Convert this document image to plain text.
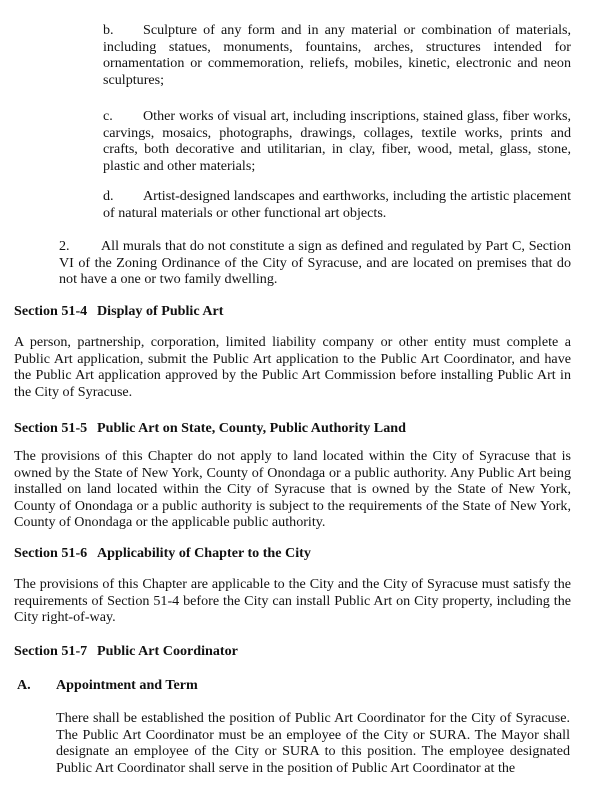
b. Sculpture of any form and in any material or combination of materials, including statues, monuments, fountains, arches, structures intended for ornamentation or commemoration, reliefs, mobiles, kinetic, electronic and neon sculptures;
c. Other works of visual art, including inscriptions, stained glass, fiber works, carvings, mosaics, photographs, drawings, collages, textile works, prints and crafts, both decorative and utilitarian, in clay, fiber, wood, metal, glass, stone, plastic and other materials;
d. Artist-designed landscapes and earthworks, including the artistic placement of natural materials or other functional art objects.
2. All murals that do not constitute a sign as defined and regulated by Part C, Section VI of the Zoning Ordinance of the City of Syracuse, and are located on premises that do not have a one or two family dwelling.
Section 51-4 Display of Public Art
A person, partnership, corporation, limited liability company or other entity must complete a Public Art application, submit the Public Art application to the Public Art Coordinator, and have the Public Art application approved by the Public Art Commission before installing Public Art in the City of Syracuse.
Section 51-5 Public Art on State, County, Public Authority Land
The provisions of this Chapter do not apply to land located within the City of Syracuse that is owned by the State of New York, County of Onondaga or a public authority. Any Public Art being installed on land located within the City of Syracuse that is owned by the State of New York, County of Onondaga or a public authority is subject to the requirements of the State of New York, County of Onondaga or the applicable public authority.
Section 51-6 Applicability of Chapter to the City
The provisions of this Chapter are applicable to the City and the City of Syracuse must satisfy the requirements of Section 51-4 before the City can install Public Art on City property, including the City right-of-way.
Section 51-7 Public Art Coordinator
A. Appointment and Term
There shall be established the position of Public Art Coordinator for the City of Syracuse. The Public Art Coordinator must be an employee of the City or SURA. The Mayor shall designate an employee of the City or SURA to this position. The employee designated Public Art Coordinator shall serve in the position of Public Art Coordinator at the
